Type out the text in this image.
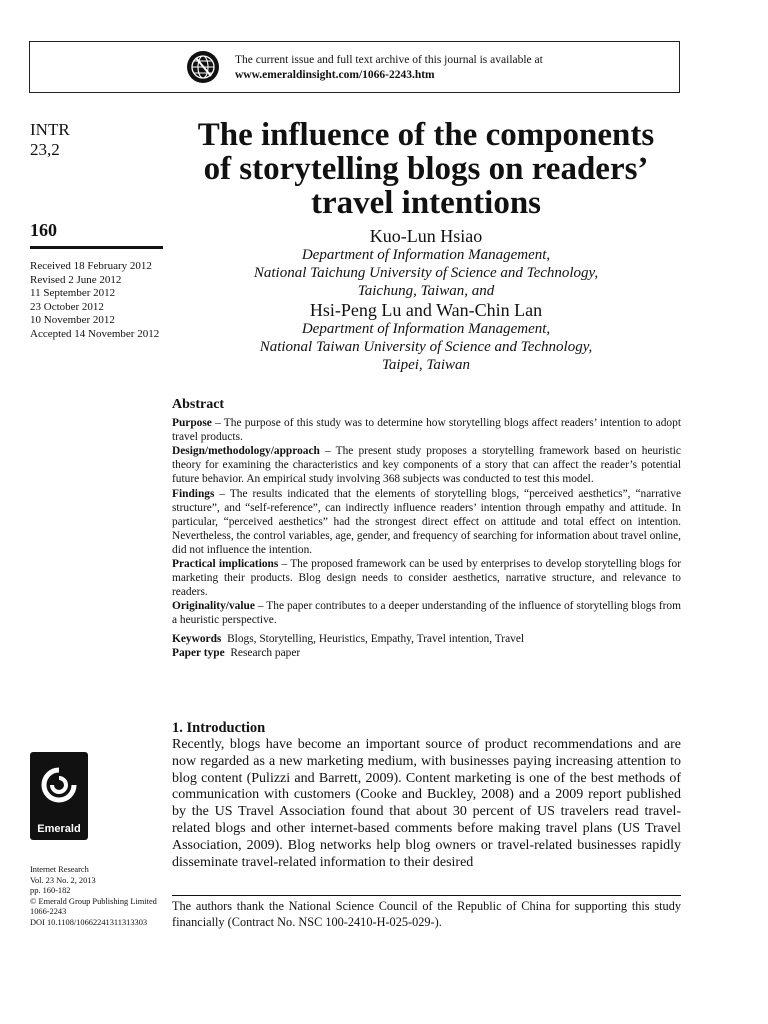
The current issue and full text archive of this journal is available at
www.emeraldinsight.com/1066-2243.htm
INTR
23,2
160
Received 18 February 2012
Revised 2 June 2012
11 September 2012
23 October 2012
10 November 2012
Accepted 14 November 2012
Emerald
Internet Research
Vol. 23 No. 2, 2013
pp. 160-182
© Emerald Group Publishing Limited
1066-2243
DOI 10.1108/10662241311313303
The influence of the components
of storytelling blogs on readers’
travel intentions
Kuo-Lun Hsiao
Department of Information Management,
National Taichung University of Science and Technology,
Taichung, Taiwan, and
Hsi-Peng Lu and Wan-Chin Lan
Department of Information Management,
National Taiwan University of Science and Technology,
Taipei, Taiwan
Abstract

Purpose – The purpose of this study was to determine how storytelling blogs affect readers’ intention to adopt travel products.

Design/methodology/approach – The present study proposes a storytelling framework based on heuristic theory for examining the characteristics and key components of a story that can affect the reader’s potential future behavior. An empirical study involving 368 subjects was conducted to test this model.

Findings – The results indicated that the elements of storytelling blogs, “perceived aesthetics”, “narrative structure”, and “self-reference”, can indirectly influence readers’ intention through empathy and attitude. In particular, “perceived aesthetics” had the strongest direct effect on attitude and total effect on intention. Nevertheless, the control variables, age, gender, and frequency of searching for information about travel online, did not influence the intention.

Practical implications – The proposed framework can be used by enterprises to develop storytelling blogs for marketing their products. Blog design needs to consider aesthetics, narrative structure, and relevance to readers.

Originality/value – The paper contributes to a deeper understanding of the influence of storytelling blogs from a heuristic perspective.

Keywords Blogs, Storytelling, Heuristics, Empathy, Travel intention, Travel

Paper type Research paper

1. Introduction

Recently, blogs have become an important source of product recommendations and are now regarded as a new marketing medium, with businesses paying increasing attention to blog content (Pulizzi and Barrett, 2009). Content marketing is one of the best methods of communication with customers (Cooke and Buckley, 2008) and a 2009 report published by the US Travel Association found that about 30 percent of US travelers read travel-related blogs and other internet-based comments before making travel plans (US Travel Association, 2009). Blog networks help blog owners or travel-related businesses rapidly disseminate travel-related information to their desired

The authors thank the National Science Council of the Republic of China for supporting this study financially (Contract No. NSC 100-2410-H-025-029-).
